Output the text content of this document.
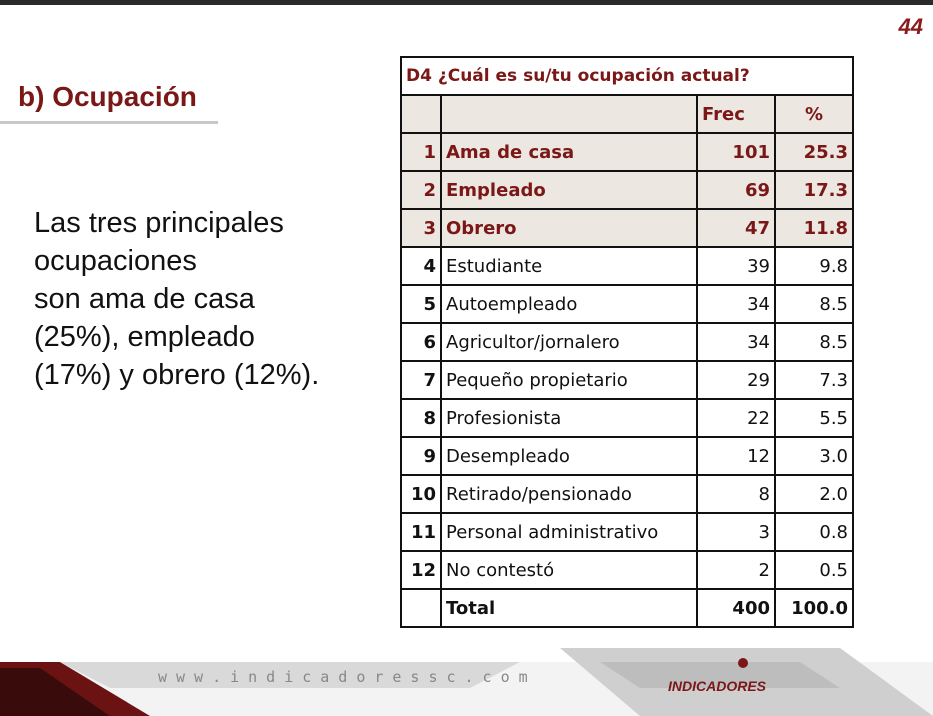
44
b) Ocupación
Las tres principales
ocupaciones
son ama de casa
(25%), empleado
(17%) y obrero (12%).
D4 ¿Cuál es su/tu ocupación actual?			
		Frec	%
1	Ama de casa	101	25.3
2	Empleado	69	17.3
3	Obrero	47	11.8
4	Estudiante	39	9.8
5	Autoempleado	34	8.5
6	Agricultor/jornalero	34	8.5
7	Pequeño propietario	29	7.3
8	Profesionista	22	5.5
9	Desempleado	12	3.0
10	Retirado/pensionado	8	2.0
11	Personal administrativo	3	0.8
12	No contestó	2	0.5
	Total	400	100.0
www.indicadoressc.com	INDICADORES
